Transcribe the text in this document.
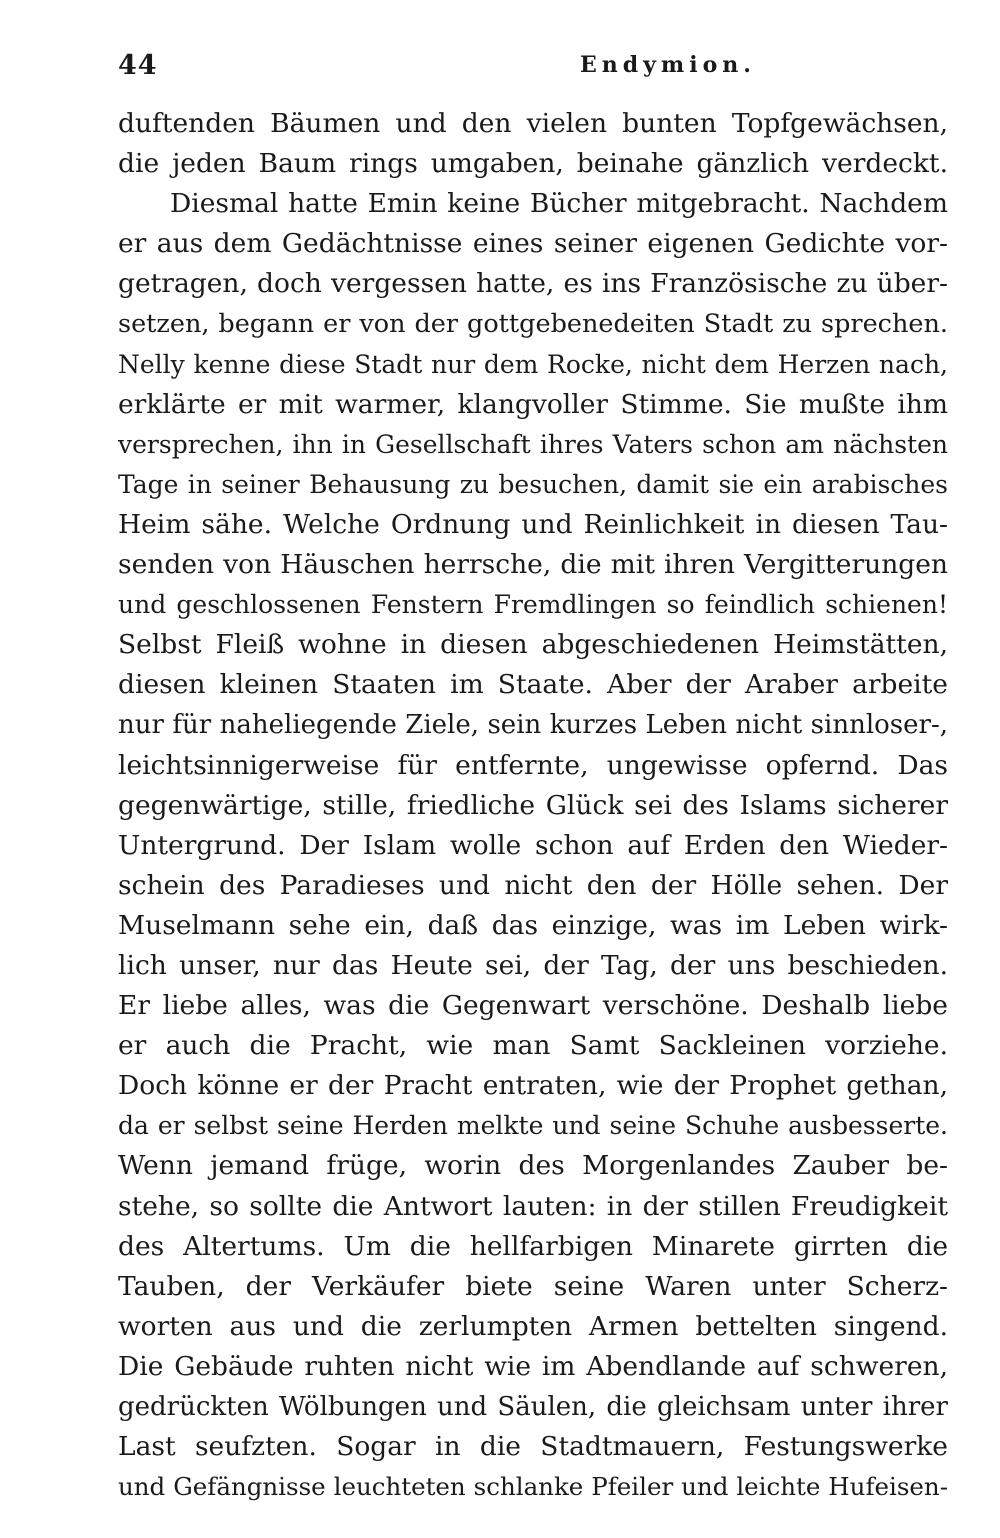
44	Endymion.
duftenden Bäumen und den vielen bunten Topfgewächsen,
die jeden Baum rings umgaben, beinahe gänzlich verdeckt.
Diesmal hatte Emin keine Bücher mitgebracht. Nachdem
er aus dem Gedächtnisse eines seiner eigenen Gedichte vor-
getragen, doch vergessen hatte, es ins Französische zu über-
setzen, begann er von der gottgebenedeiten Stadt zu sprechen.
Nelly kenne diese Stadt nur dem Rocke, nicht dem Herzen nach,
erklärte er mit warmer, klangvoller Stimme. Sie mußte ihm
versprechen, ihn in Gesellschaft ihres Vaters schon am nächsten
Tage in seiner Behausung zu besuchen, damit sie ein arabisches
Heim sähe. Welche Ordnung und Reinlichkeit in diesen Tau-
senden von Häuschen herrsche, die mit ihren Vergitterungen
und geschlossenen Fenstern Fremdlingen so feindlich schienen!
Selbst Fleiß wohne in diesen abgeschiedenen Heimstätten,
diesen kleinen Staaten im Staate. Aber der Araber arbeite
nur für naheliegende Ziele, sein kurzes Leben nicht sinnloser-,
leichtsinnigerweise für entfernte, ungewisse opfernd. Das
gegenwärtige, stille, friedliche Glück sei des Islams sicherer
Untergrund. Der Islam wolle schon auf Erden den Wieder-
schein des Paradieses und nicht den der Hölle sehen. Der
Muselmann sehe ein, daß das einzige, was im Leben wirk-
lich unser, nur das Heute sei, der Tag, der uns beschieden.
Er liebe alles, was die Gegenwart verschöne. Deshalb liebe
er auch die Pracht, wie man Samt Sackleinen vorziehe.
Doch könne er der Pracht entraten, wie der Prophet gethan,
da er selbst seine Herden melkte und seine Schuhe ausbesserte.
Wenn jemand früge, worin des Morgenlandes Zauber be-
stehe, so sollte die Antwort lauten: in der stillen Freudigkeit
des Altertums. Um die hellfarbigen Minarete girrten die
Tauben, der Verkäufer biete seine Waren unter Scherz-
worten aus und die zerlumpten Armen bettelten singend.
Die Gebäude ruhten nicht wie im Abendlande auf schweren,
gedrückten Wölbungen und Säulen, die gleichsam unter ihrer
Last seufzten. Sogar in die Stadtmauern, Festungswerke
und Gefängnisse leuchteten schlanke Pfeiler und leichte Hufeisen-
